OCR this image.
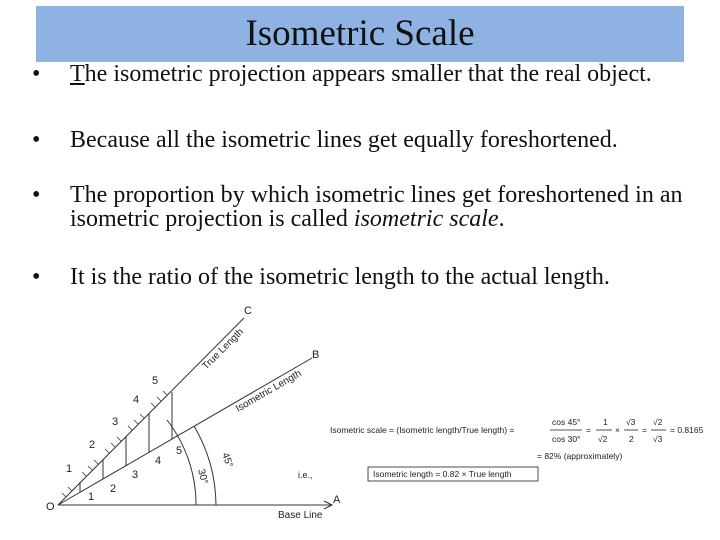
Isometric Scale
• The isometric projection appears smaller that the real object.
• Because all the isometric lines get equally foreshortened.
• The proportion by which isometric lines get foreshortened in an isometric projection is called isometric scale.
• It is the ratio of the isometric length to the actual length.
C
B
A
O
True Length
Isometric Length
Base Line
45°
30°	i.e.,
1
2
3
4
5
1
2
3
4
5
Isometric scale = (Isometric length/True length) =
cos 45°
cos 30°
=
1
√2
×
√3
2
=
√2
√3
= 0.8165
= 82% (approximately)
Isometric length = 0.82 × True length
